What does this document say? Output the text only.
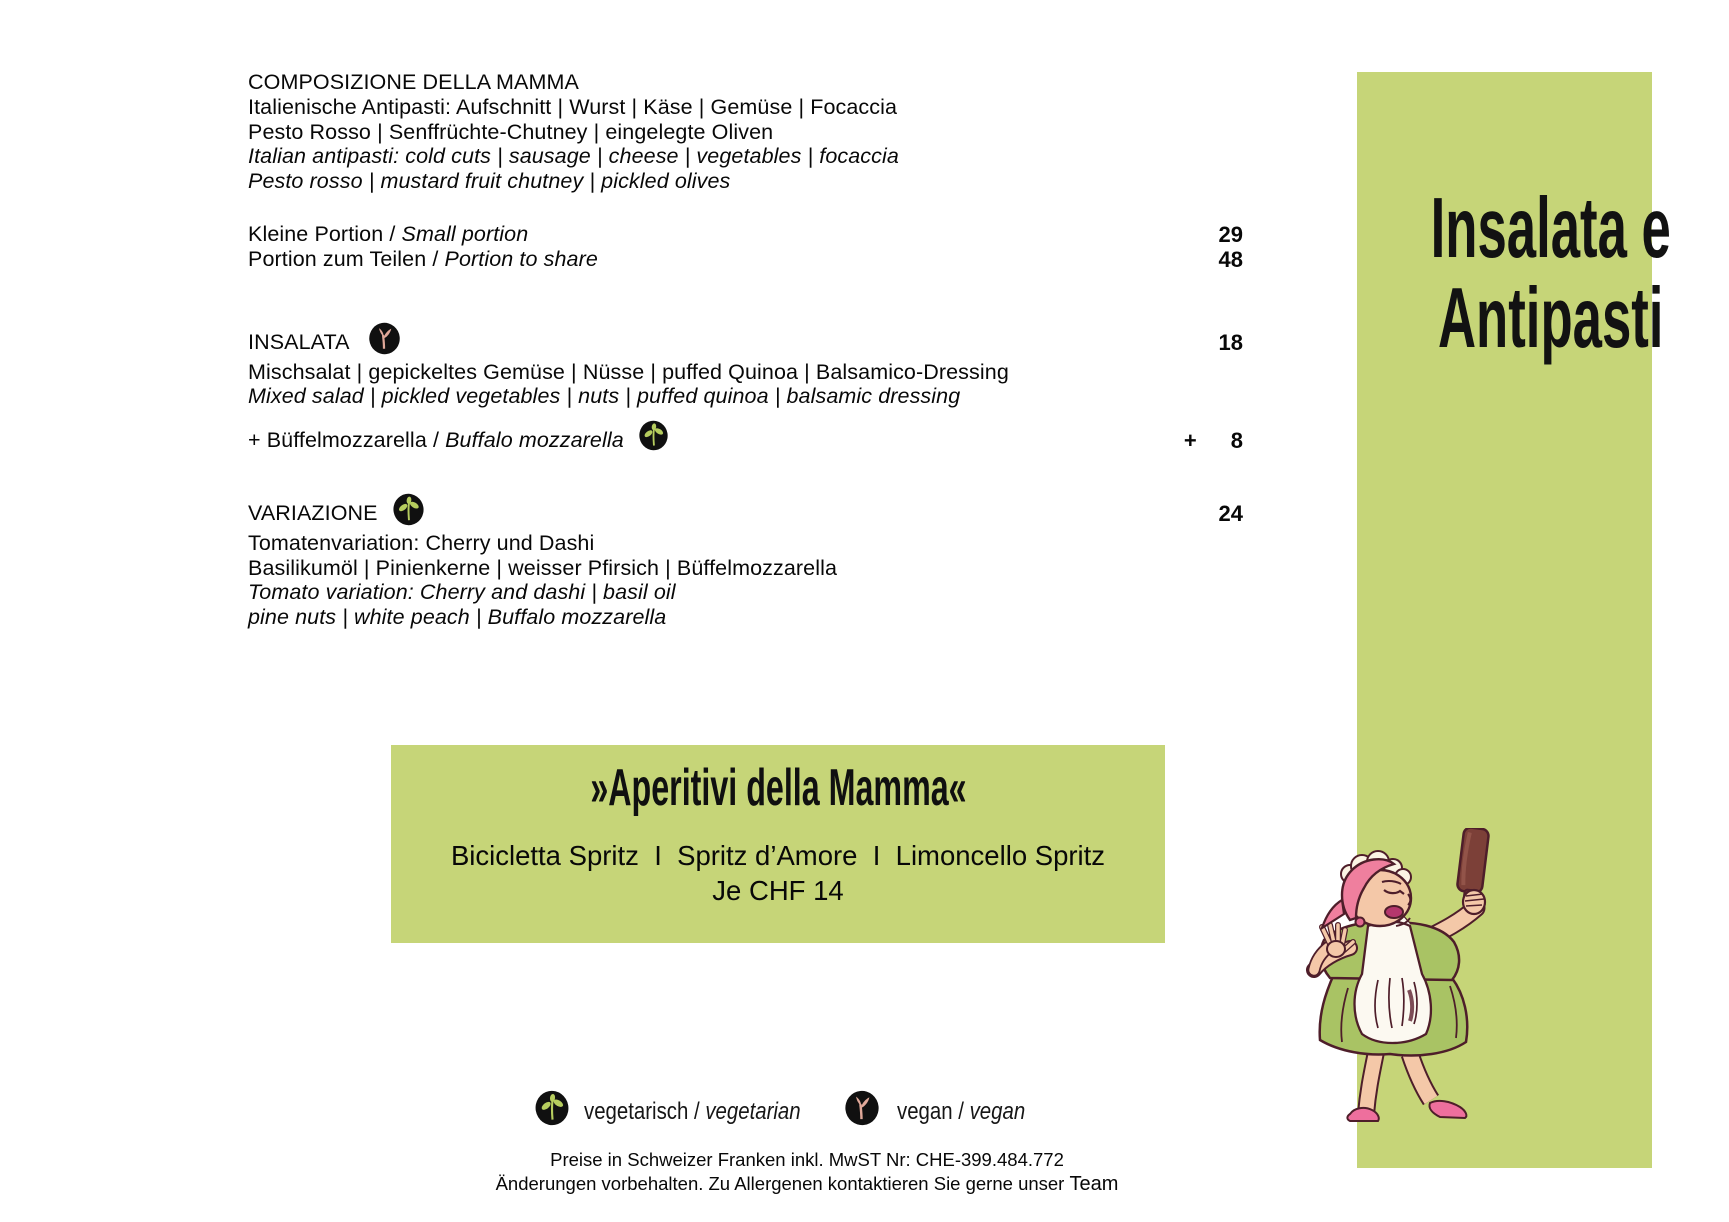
COMPOSIZIONE DELLA MAMMA
Italienische Antipasti: Aufschnitt | Wurst | Käse | Gemüse | Focaccia
Pesto Rosso | Senffrüchte-Chutney | eingelegte Oliven
Italian antipasti: cold cuts | sausage | cheese | vegetables | focaccia
Pesto rosso | mustard fruit chutney | pickled olives
Kleine Portion / Small portion	29
Portion zum Teilen / Portion to share	48
INSALATA	18
Mischsalat | gepickeltes Gemüse | Nüsse | puffed Quinoa | Balsamico-Dressing
Mixed salad | pickled vegetables | nuts | puffed quinoa | balsamic dressing
+ Büffelmozzarella / Buffalo mozzarella	+ 8
VARIAZIONE	24
Tomatenvariation: Cherry und Dashi
Basilikumöl | Pinienkerne | weisser Pfirsich | Büffelmozzarella
Tomato variation: Cherry and dashi | basil oil
pine nuts | white peach | Buffalo mozzarella
»Aperitivi della Mamma«
Bicicletta Spritz  I  Spritz d’Amore  I  Limoncello Spritz
Je CHF 14
vegetarisch / vegetarian	vegan / vegan
Preise in Schweizer Franken inkl. MwST Nr: CHE-399.484.772
Änderungen vorbehalten. Zu Allergenen kontaktieren Sie gerne unser Team
Insalata e
Antipasti
